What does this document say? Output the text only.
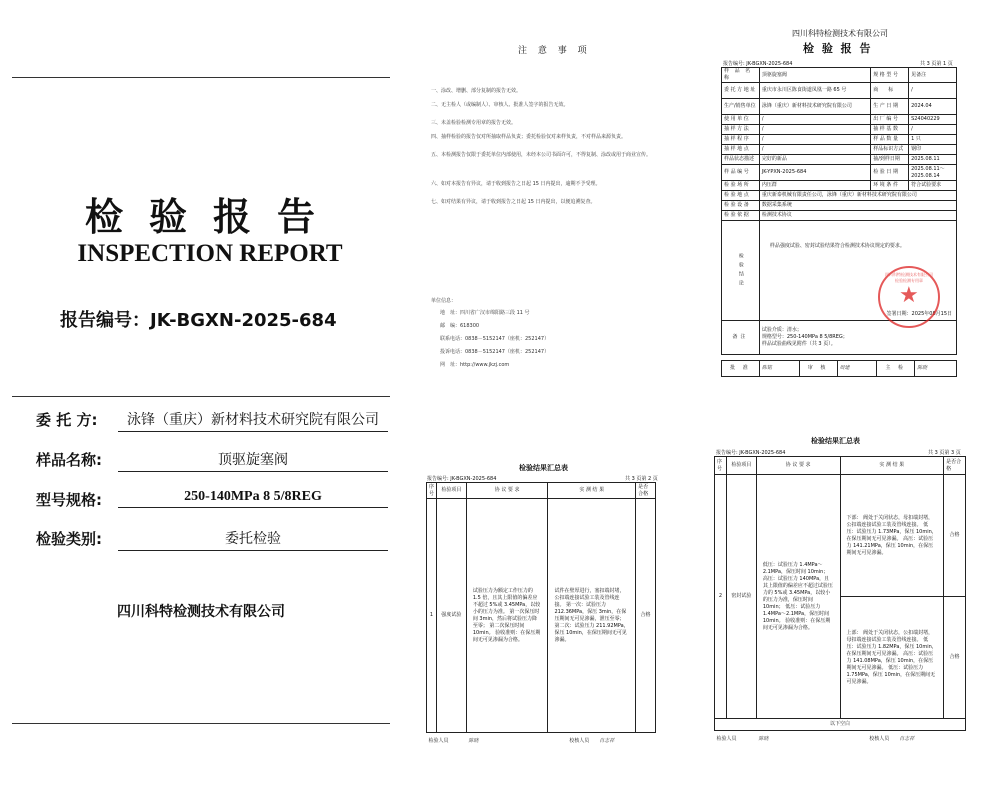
检验报告
INSPECTION REPORT
报告编号：JK-BGXN-2025-684
委 托 方:	泳锋（重庆）新材料技术研究院有限公司
样品名称:	顶驱旋塞阀
型号规格:	250-140MPa 8 5/8REG
检验类别:	委托检验
四川科特检测技术有限公司
注 意 事 项
一、涂改、增删、部分复制的报告无效。
二、无主检人（或编制人）、审核人、批准人签字的报告无效。
三、未盖检验检测专用章的报告无效。
四、抽样检验的报告仅对所抽取样品负责；委托检验仅对来样负责，不对样品来源负责。
五、本检测报告仅限于委托单位内部使用，未经本公司书面许可，不得复制、涂改或用于商业宣传。
六、如对本报告有异议，请于收到报告之日起 15 日内提出，逾期不予受理。
七、如对结果有异议，请于收到报告之日起 15 日内提出，以便追溯复查。
单位信息：
地　址：四川省广汉市绵阳路三段 11 号
邮　编：618300
联系电话：0838－5152147（座机：252147）
投诉电话：0838－5152147（座机：252147）
网　址：http://www.jkzj.com
四川科特检测技术有限公司
检 验 报 告
报告编号: JK-BGXN-2025-684	共 3 页第 1 页
样 品 名 称	顶驱旋塞阀	规 格 型 号	见备注
委 托 方 地 址	重庆市永川区陈食街道凤凰一路 65 号	商　　标	/
生产/销售单位	泳锋（重庆）新材料技术研究院有限公司	生 产 日 期	2024.04
使 用 单 位	/	出 厂 编 号	S24040229
抽 样 方 法	/	抽 样 基 数	/
抽 样 程 序	/	样 品 数 量	1 只
抽 样 地 点	/	样品标识方式	钢印
样品状态描述	完好的新品	抽/到样日期	2025.08.11
样 品 编 号	JK-YPXN-2025-684	检 验 日 期	2025.08.11～2025.08.14
检 验 场 所	内压群	环 境 条 件	符合试验要求
检 验 地 点	重庆新泰机械有限责任公司，泳锋（重庆）新材料技术研究院有限公司		
检 验 设 备	数据采集系统		
检 验 依 据	检测技术协议		
检验结论	样品强度试验、密封试验结果符合检测技术协议规定的要求。
签署日期：2025年08月15日		

备注	试验介质：清水；
规格型号：250-140MPa 8 5/8REG；
样品试验曲线见附件（共 3 页）。		
四川科特检测技术有限公司 检验检测专用章
★
批 准	陈铭	审 核	周建	主 检	陈晓
检验结果汇总表
报告编号: JK-BGXN-2025-684	共 3 页第 2 页
序号	检验项目	协 议 要 求	实 测 结 果	是否合格
1	强度试验	试验压力为额定工作压力的 1.5 倍，且其上限值的偏差应不超过 5%或 3.45MPa，以较小的压力为准。 第一次保压时间 3min，然后将试验压力降至零； 第二次保压时间 10min。 验收准则：在保压期间无可见渗漏为合格。	试件在壁厚进行，塞扣端封堵，公扣端连接试验工装及管线连接。 第一次：试验压力 212.36MPa，保压 3min，在保压期间无可见渗漏，泄压至零； 第二次：试验压力 211.92MPa，保压 10min，在保压期间无可见渗漏。	合格
检验人员		陈晓	校核人员　　 肖志祥	
检验结果汇总表
报告编号: JK-BGXN-2025-684	共 3 页第 3 页
序号	检验项目	协 议 要 求	实 测 结 果	是否合格
2	密封试验	低压：试验压力 1.4MPa～2.1MPa，保压时间 10min； 高压：试验压力 140MPa，且其上限值的偏差应不超过试验压力的 5%或 3.45MPa，以较小的压力为准，保压时间 10min； 低压：试验压力 1.4MPa～2.1MPa，保压时间 10min。 验收准则：在保压期间无可见渗漏为合格。	下部： 阀处于关闭状态，母扣端封堵，公扣端连接试验工装及管线连接。 低压：试验压力 1.73MPa，保压 10min，在保压期间无可见渗漏。 高压：试验压力 141.21MPa，保压 10min，在保压期间无可见渗漏。	合格
			上部： 阀处于关闭状态，公扣端封堵，母扣端连接试验工装及管线连接。 低压：试验压力 1.82MPa，保压 10min，在保压期间无可见渗漏。 高压：试验压力 141.08MPa，保压 10min，在保压期间无可见渗漏。 低压：试验压力 1.75MPa，保压 10min，在保压期间无可见渗漏。	合格
以下空白				
检验人员		陈晓	校核人员　　 肖志祥	
